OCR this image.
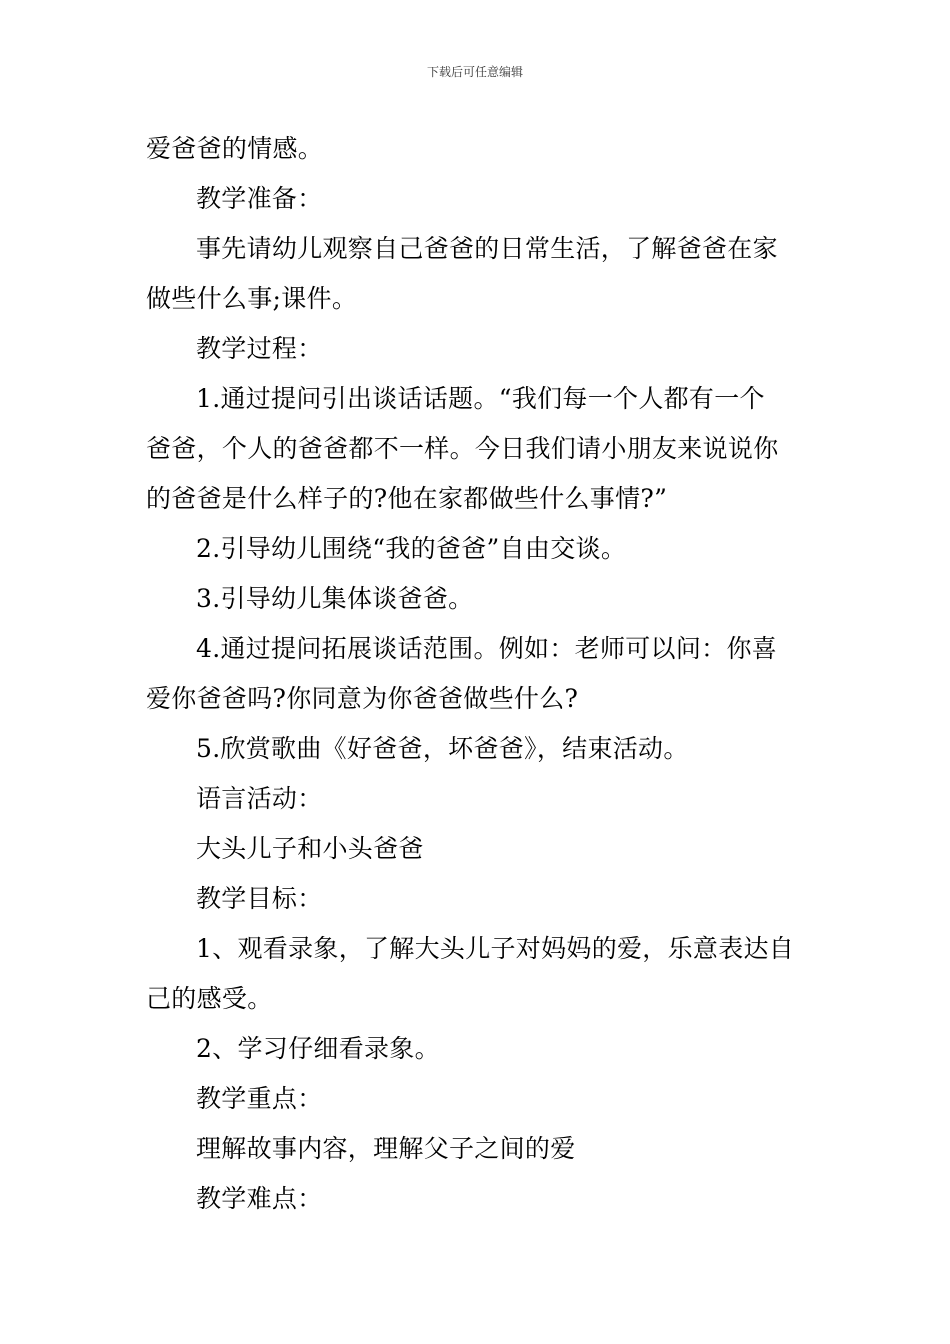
下载后可任意编辑
爱爸爸的情感。
教学准备：
事先请幼儿观察自己爸爸的日常生活，了解爸爸在家
做些什么事;课件。
教学过程：
1.通过提问引出谈话话题。“我们每一个人都有一个
爸爸，个人的爸爸都不一样。今日我们请小朋友来说说你
的爸爸是什么样子的?他在家都做些什么事情?”
2.引导幼儿围绕“我的爸爸”自由交谈。
3.引导幼儿集体谈爸爸。
4.通过提问拓展谈话范围。例如：老师可以问：你喜
爱你爸爸吗?你同意为你爸爸做些什么?
5.欣赏歌曲《好爸爸，坏爸爸》，结束活动。
语言活动：
大头儿子和小头爸爸
教学目标：
1、观看录象，了解大头儿子对妈妈的爱，乐意表达自
己的感受。
2、学习仔细看录象。
教学重点：
理解故事内容，理解父子之间的爱
教学难点：
